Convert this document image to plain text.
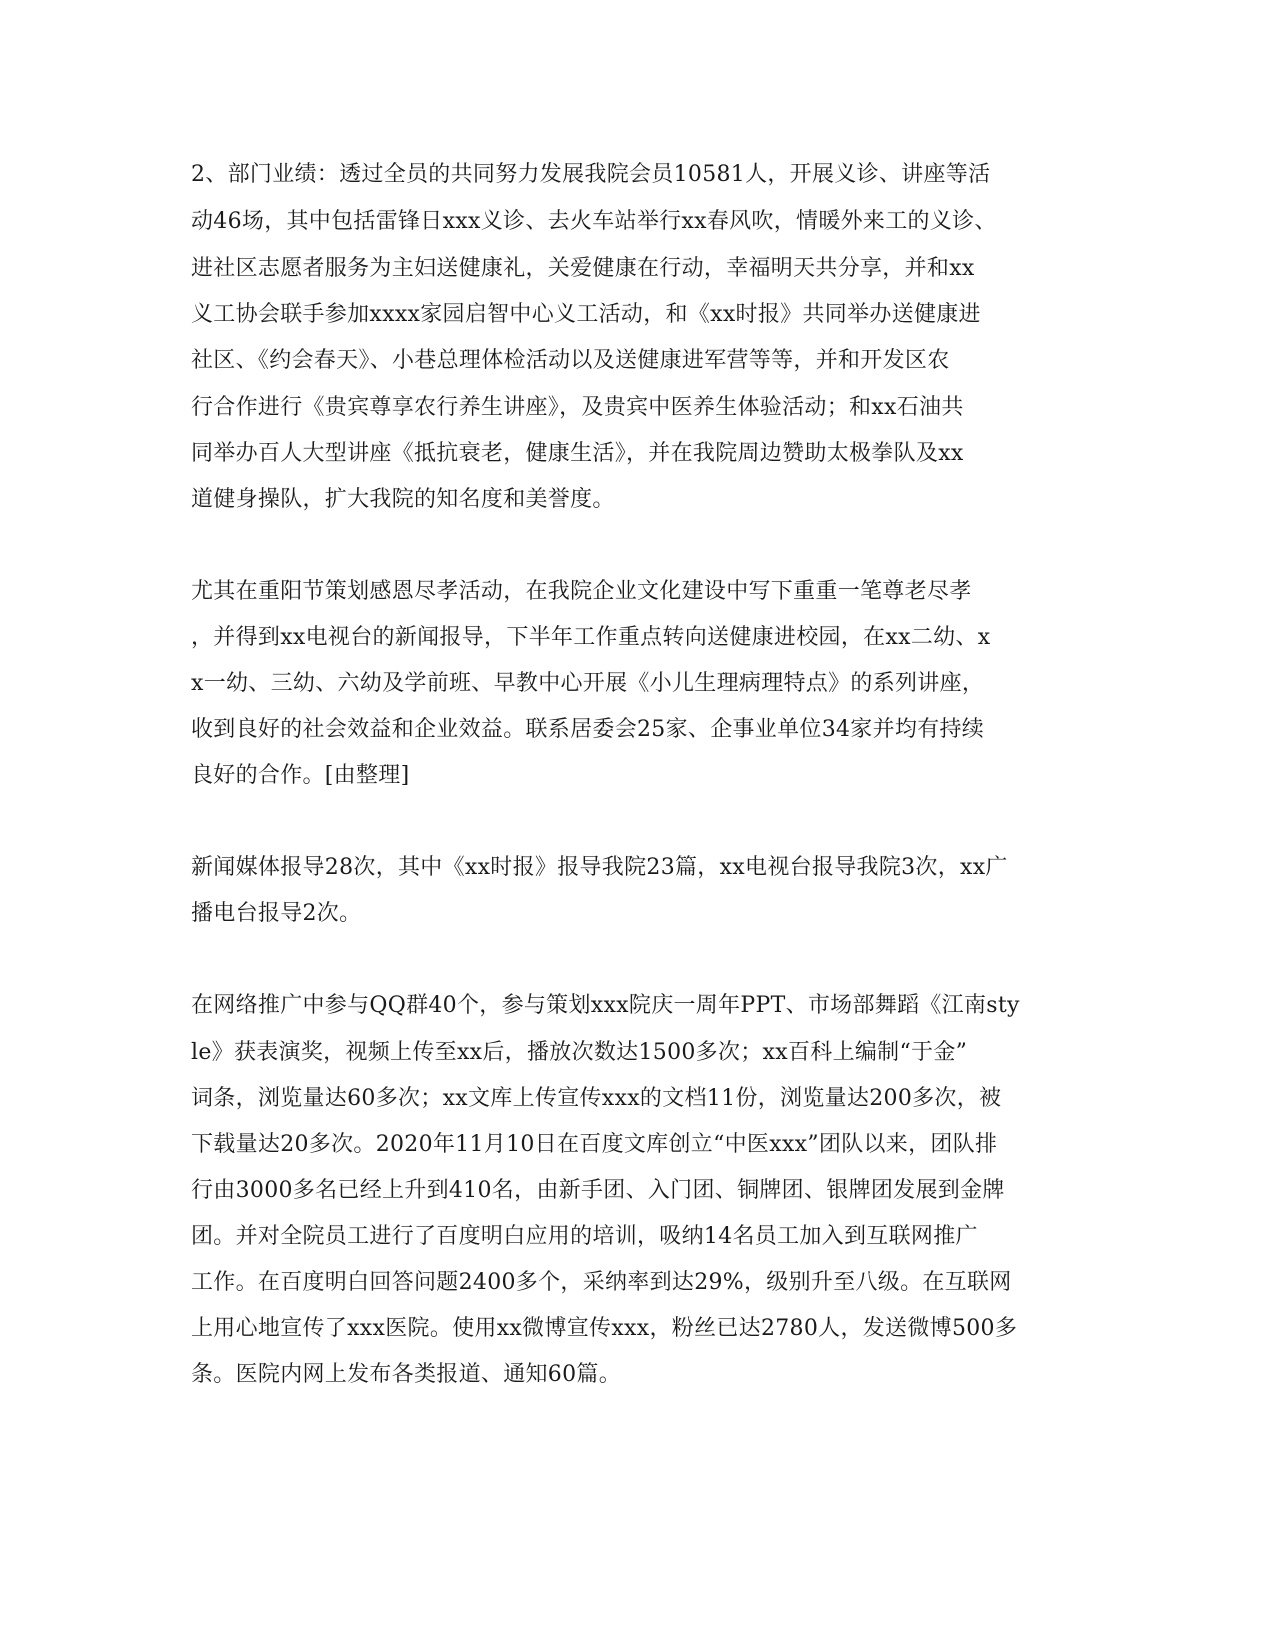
2、部门业绩：透过全员的共同努力发展我院会员10581人，开展义诊、讲座等活
动46场，其中包括雷锋日xxx义诊、去火车站举行xx春风吹，情暖外来工的义诊、
进社区志愿者服务为主妇送健康礼，关爱健康在行动，幸福明天共分享，并和xx
义工协会联手参加xxxx家园启智中心义工活动，和《xx时报》共同举办送健康进
社区、《约会春天》、小巷总理体检活动以及送健康进军营等等，并和开发区农
行合作进行《贵宾尊享农行养生讲座》，及贵宾中医养生体验活动；和xx石油共
同举办百人大型讲座《抵抗衰老，健康生活》，并在我院周边赞助太极拳队及xx
道健身操队，扩大我院的知名度和美誉度。
尤其在重阳节策划感恩尽孝活动，在我院企业文化建设中写下重重一笔尊老尽孝
，并得到xx电视台的新闻报导，下半年工作重点转向送健康进校园，在xx二幼、x
x一幼、三幼、六幼及学前班、早教中心开展《小儿生理病理特点》的系列讲座，
收到良好的社会效益和企业效益。联系居委会25家、企事业单位34家并均有持续
良好的合作。[由整理]
新闻媒体报导28次，其中《xx时报》报导我院23篇，xx电视台报导我院3次，xx广
播电台报导2次。
在网络推广中参与QQ群40个，参与策划xxx院庆一周年PPT、市场部舞蹈《江南sty
le》获表演奖，视频上传至xx后，播放次数达1500多次；xx百科上编制“于金”
词条，浏览量达60多次；xx文库上传宣传xxx的文档11份，浏览量达200多次，被
下载量达20多次。2020年11月10日在百度文库创立“中医xxx”团队以来，团队排
行由3000多名已经上升到410名，由新手团、入门团、铜牌团、银牌团发展到金牌
团。并对全院员工进行了百度明白应用的培训，吸纳14名员工加入到互联网推广
工作。在百度明白回答问题2400多个，采纳率到达29%，级别升至八级。在互联网
上用心地宣传了xxx医院。使用xx微博宣传xxx，粉丝已达2780人，发送微博500多
条。医院内网上发布各类报道、通知60篇。
